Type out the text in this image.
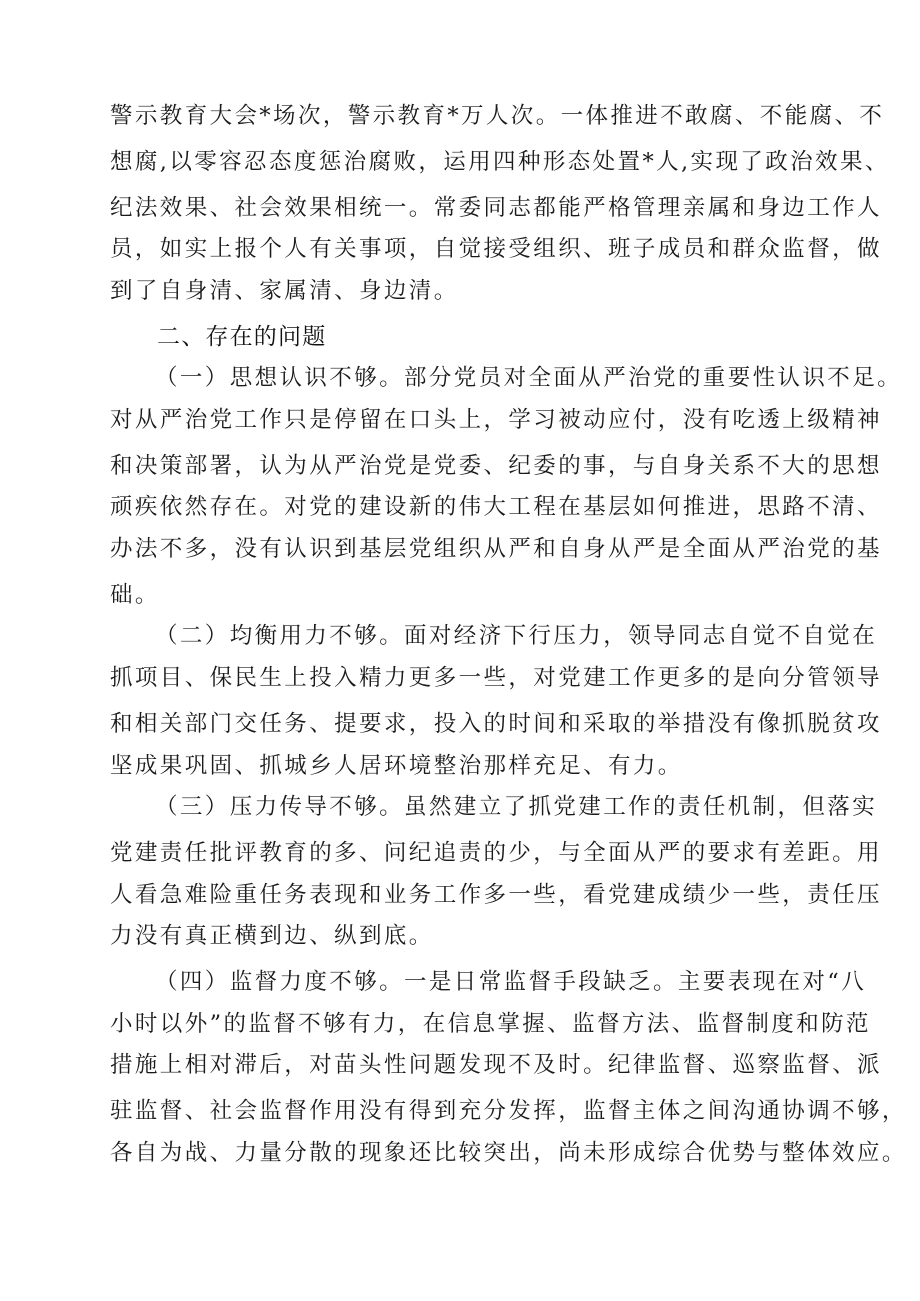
警示教育大会*场次，警示教育*万人次。一体推进不敢腐、不能腐、不
想腐,以零容忍态度惩治腐败，运用四种形态处置*人,实现了政治效果、
纪法效果、社会效果相统一。常委同志都能严格管理亲属和身边工作人
员，如实上报个人有关事项，自觉接受组织、班子成员和群众监督，做
到了自身清、家属清、身边清。
二、存在的问题
（一）思想认识不够。部分党员对全面从严治党的重要性认识不足。
对从严治党工作只是停留在口头上，学习被动应付，没有吃透上级精神
和决策部署，认为从严治党是党委、纪委的事，与自身关系不大的思想
顽疾依然存在。对党的建设新的伟大工程在基层如何推进，思路不清、
办法不多，没有认识到基层党组织从严和自身从严是全面从严治党的基
础。
（二）均衡用力不够。面对经济下行压力，领导同志自觉不自觉在
抓项目、保民生上投入精力更多一些，对党建工作更多的是向分管领导
和相关部门交任务、提要求，投入的时间和采取的举措没有像抓脱贫攻
坚成果巩固、抓城乡人居环境整治那样充足、有力。
（三）压力传导不够。虽然建立了抓党建工作的责任机制，但落实
党建责任批评教育的多、问纪追责的少，与全面从严的要求有差距。用
人看急难险重任务表现和业务工作多一些，看党建成绩少一些，责任压
力没有真正横到边、纵到底。
（四）监督力度不够。一是日常监督手段缺乏。主要表现在对“八
小时以外”的监督不够有力，在信息掌握、监督方法、监督制度和防范
措施上相对滞后，对苗头性问题发现不及时。纪律监督、巡察监督、派
驻监督、社会监督作用没有得到充分发挥，监督主体之间沟通协调不够，
各自为战、力量分散的现象还比较突出，尚未形成综合优势与整体效应。
